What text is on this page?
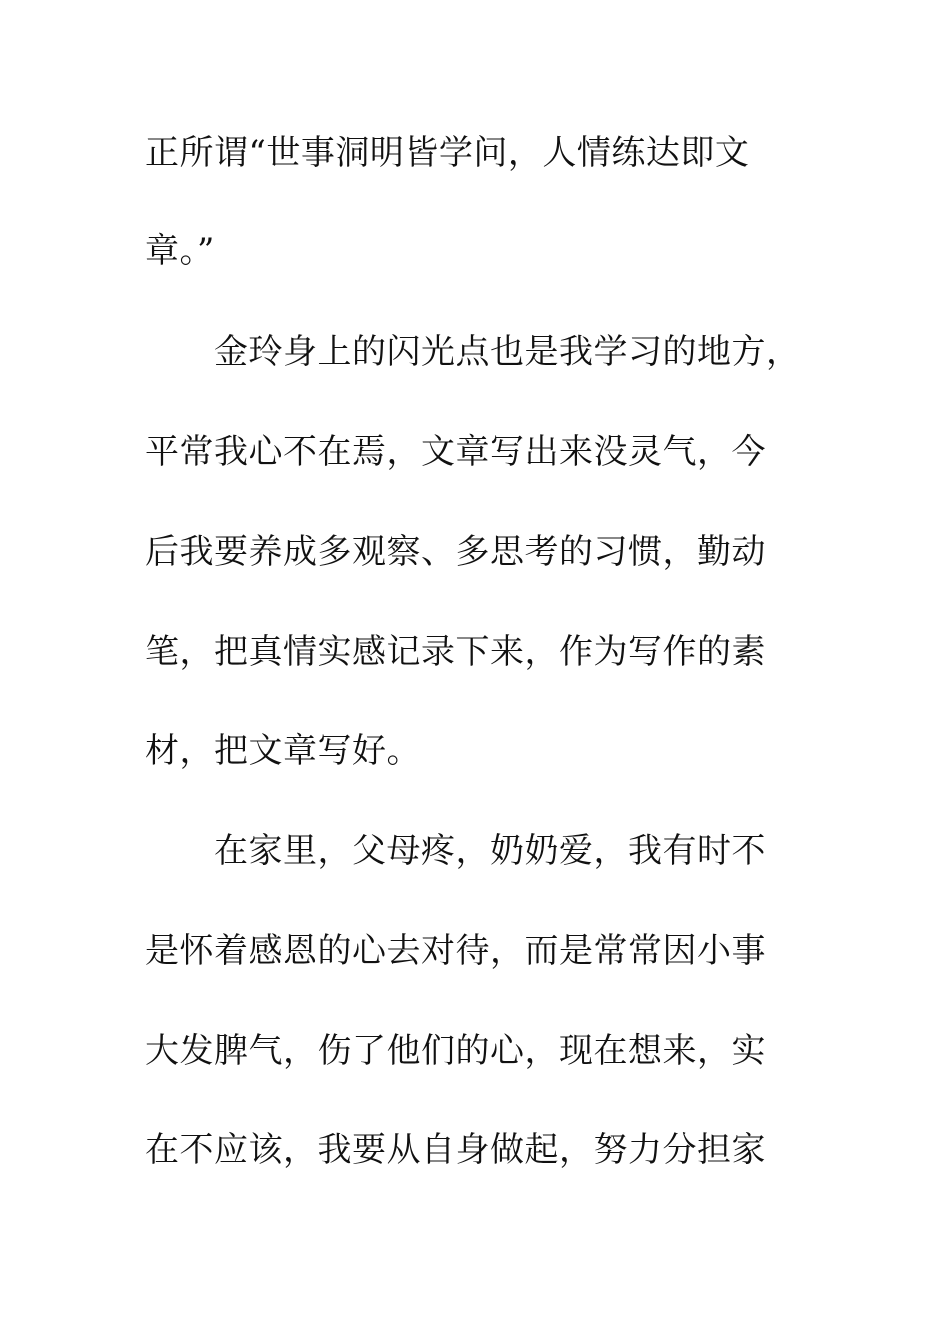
正所谓“世事洞明皆学问，人情练达即文
章。”
金玲身上的闪光点也是我学习的地方，
平常我心不在焉，文章写出来没灵气，今
后我要养成多观察、多思考的习惯，勤动
笔，把真情实感记录下来，作为写作的素
材，把文章写好。
在家里，父母疼，奶奶爱，我有时不
是怀着感恩的心去对待，而是常常因小事
大发脾气，伤了他们的心，现在想来，实
在不应该，我要从自身做起，努力分担家
